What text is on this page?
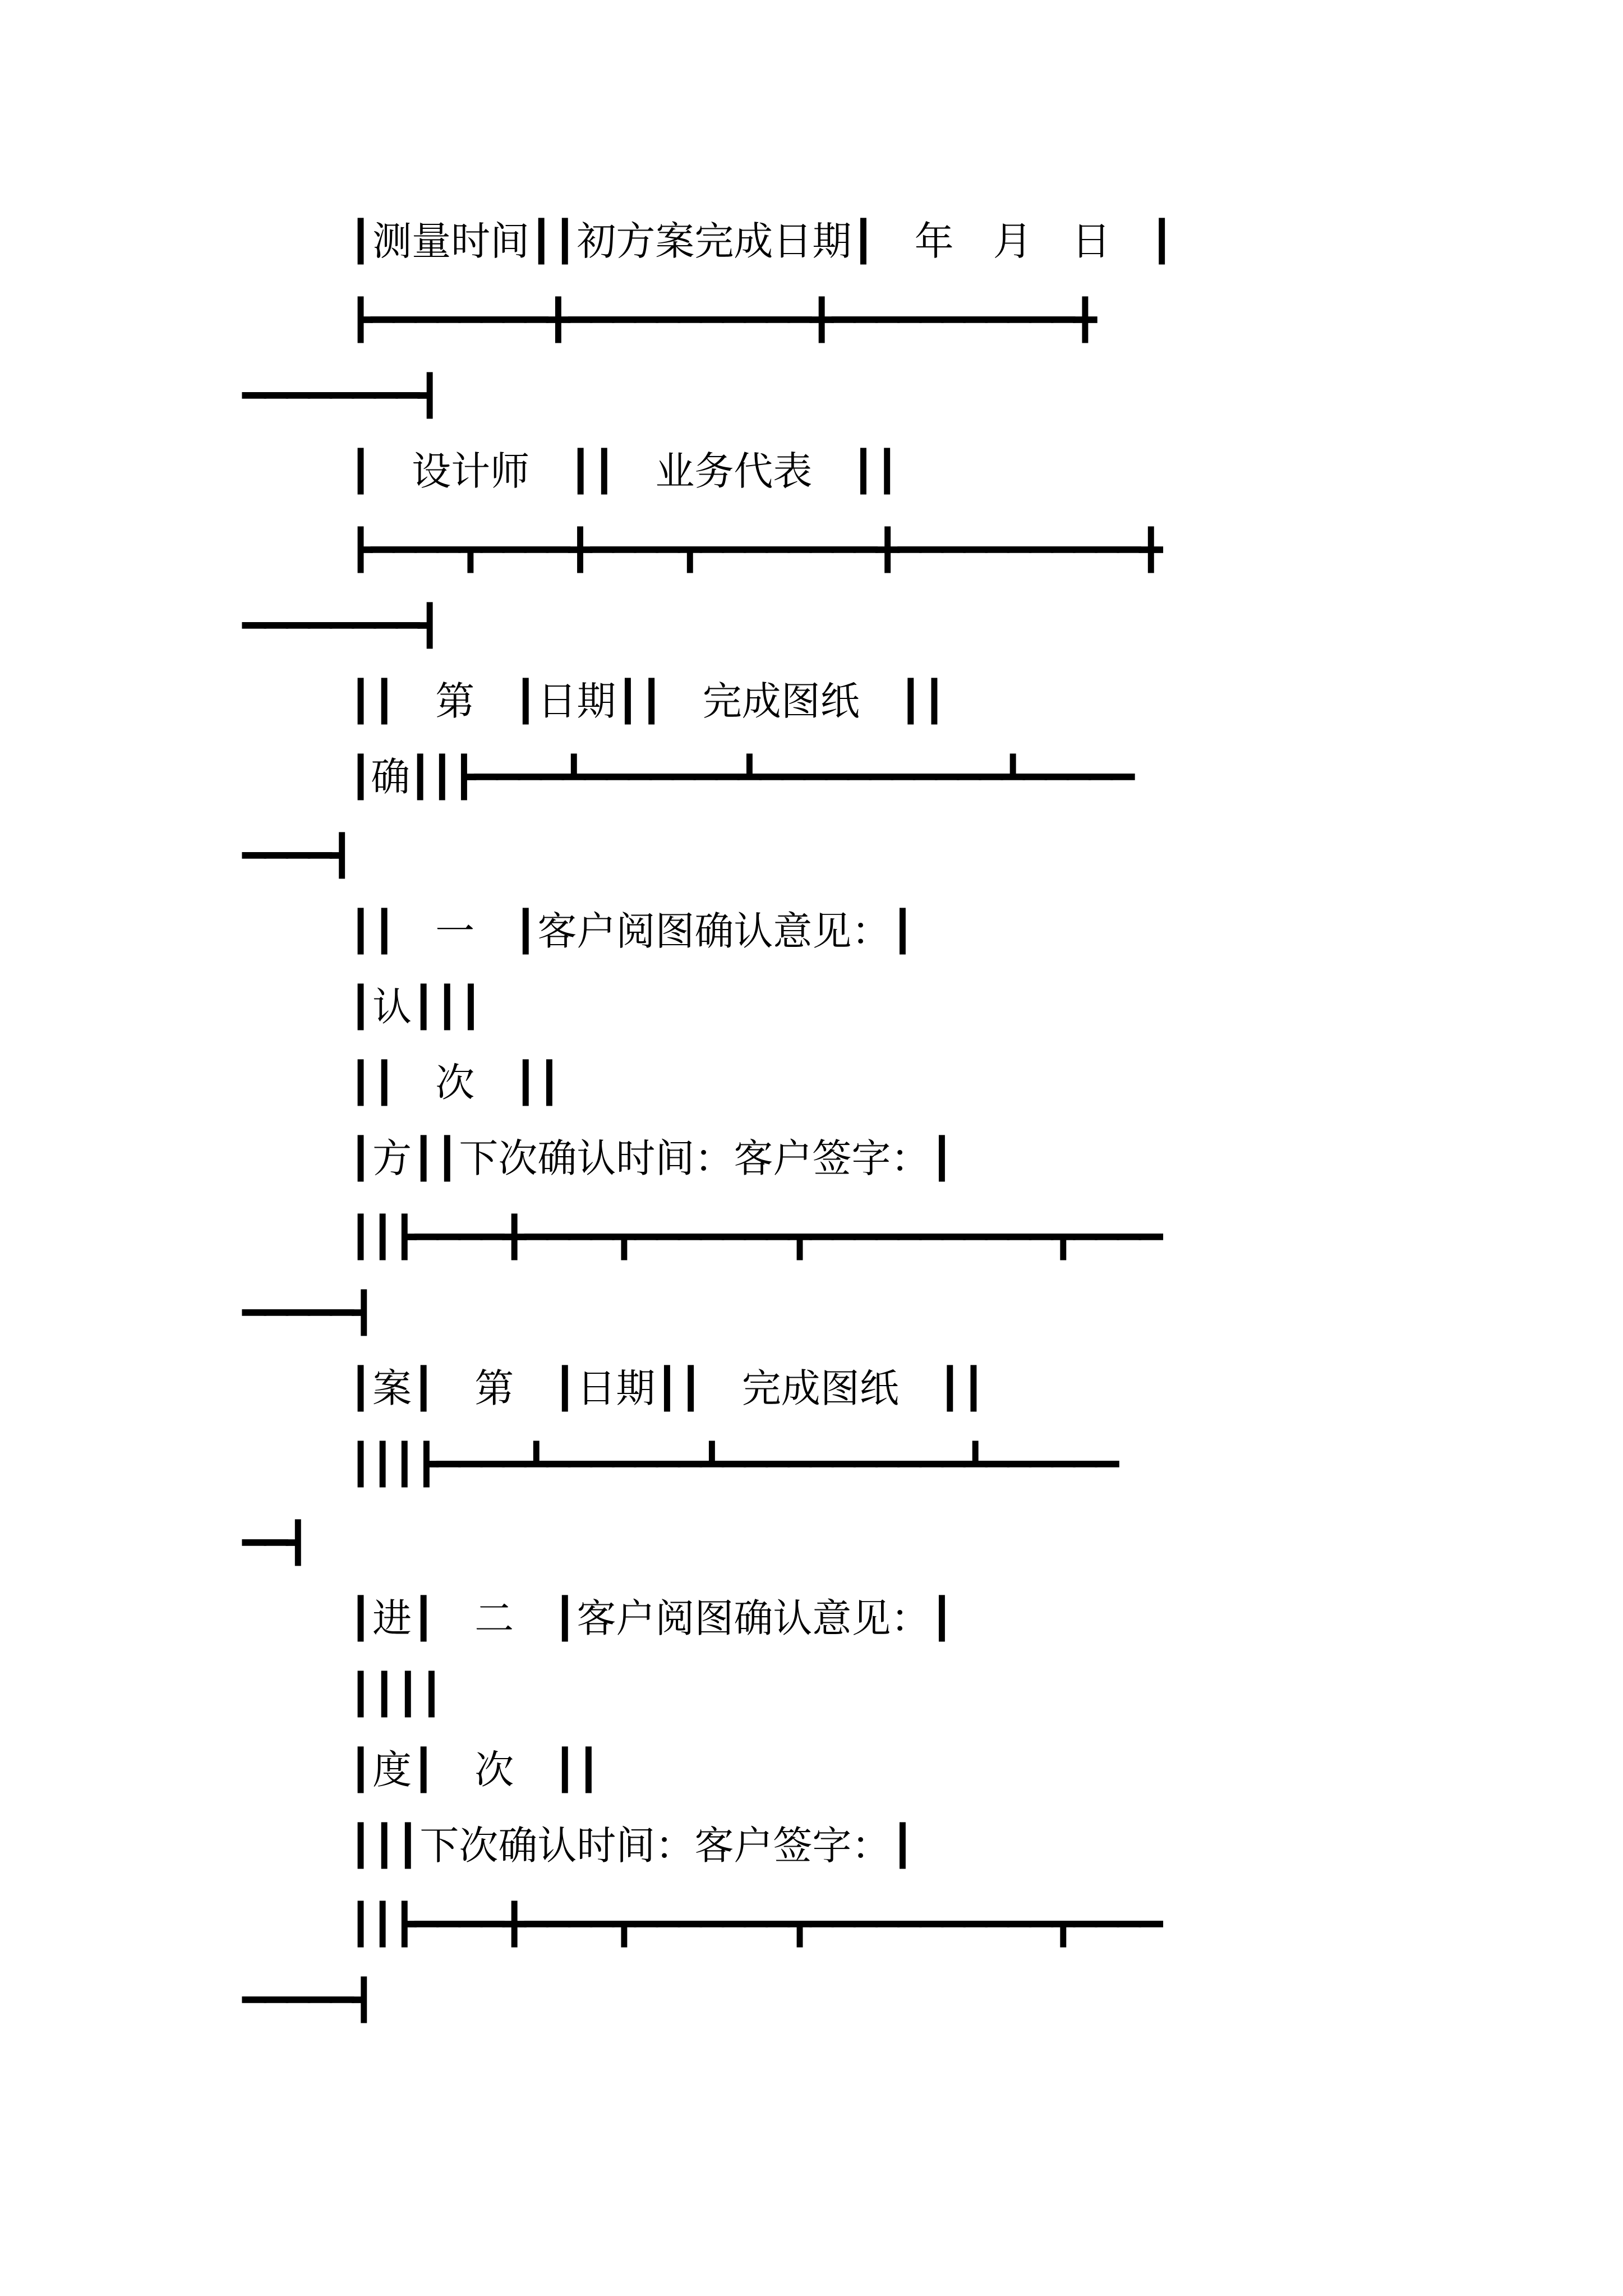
┃测量时间┃┃初方案完成日期┃　年　月　日　┃
┣━━━━━━━━╋━━━━━━━━━━━╋━━━━━━━━━━━╋
━━━━━━━━┫
┃　设计师　┃┃　业务代表　┃┃
┣━━━━┳━━━━╋━━━━┳━━━━━━━━╋━━━━━━━━━━━╋
━━━━━━━━┫
┃┃　第　┃日期┃┃　完成图纸　┃┃
┃确┃┃┣━━━━┻━━━━━━━┻━━━━━━━━━━━┻━━━━━
━━━━┫
┃┃　一　┃客户阅图确认意见：┃
┃认┃┃┃
┃┃　次　┃┃
┃方┃┃下次确认时间：客户签字：┃
┃┃┣━━━━╋━━━━┳━━━━━━━┳━━━━━━━━━━━┳━━━━
━━━━━┫
┃案┃　第　┃日期┃┃　完成图纸　┃┃
┃┃┃┣━━━━┻━━━━━━━┻━━━━━━━━━━━┻━━━━━━
━━┫
┃进┃　二　┃客户阅图确认意见：┃
┃┃┃┃
┃度┃　次　┃┃
┃┃┃下次确认时间：客户签字：┃
┃┃┣━━━━╋━━━━┳━━━━━━━┳━━━━━━━━━━━┳━━━━
━━━━━┫
